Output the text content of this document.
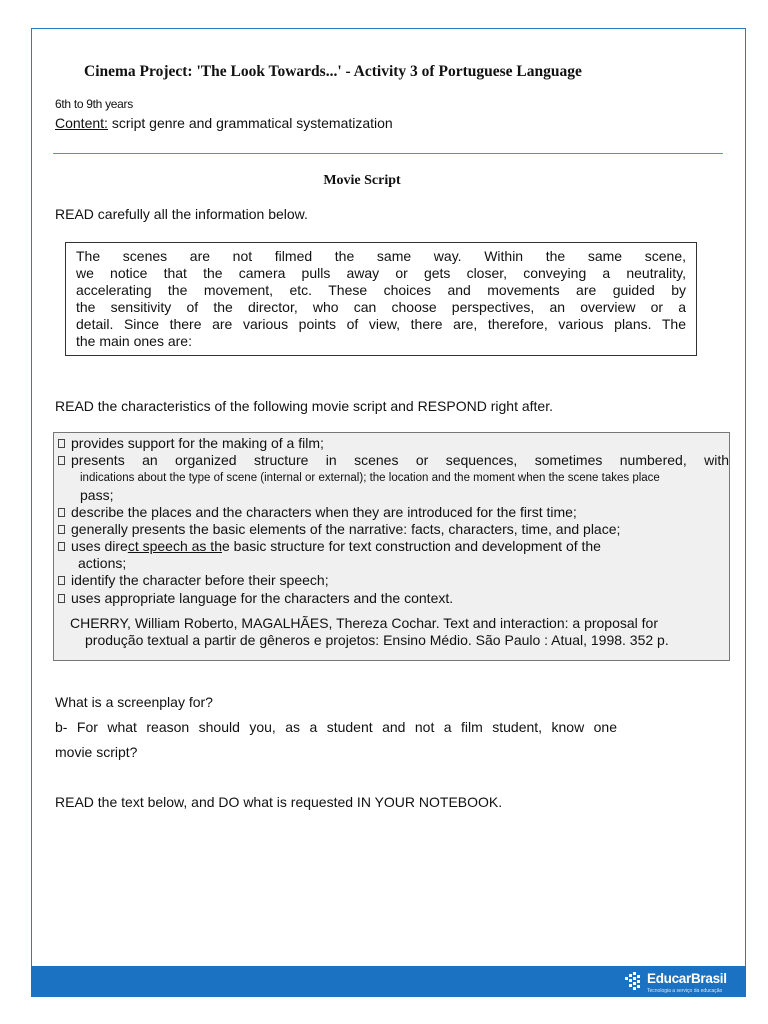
Cinema Project: 'The Look Towards...' - Activity 3 of Portuguese Language
6th to 9th years
Content: script genre and grammatical systematization
Movie Script
READ carefully all the information below.

The scenes are not filmed the same way. Within the same scene,

we notice that the camera pulls away or gets closer, conveying a neutrality,

accelerating the movement, etc. These choices and movements are guided by

the sensitivity of the director, who can choose perspectives, an overview or a

detail. Since there are various points of view, there are, therefore, various plans. The

the main ones are:

READ the characteristics of the following movie script and RESPOND right after.
provides support for the making of a film;
presents an organized structure in scenes or sequences, sometimes numbered, with
indications about the type of scene (internal or external); the location and the moment when the scene takes place
pass;
describe the places and the characters when they are introduced for the first time;
generally presents the basic elements of the narrative: facts, characters, time, and place;
uses direct speech as the basic structure for text construction and development of the
actions;
identify the character before their speech;
uses appropriate language for the characters and the context.
CHERRY, William Roberto, MAGALHÃES, Thereza Cochar. Text and interaction: a proposal for
produção textual a partir de gêneros e projetos: Ensino Médio. São Paulo : Atual, 1998. 352 p.
What is a screenplay for?
b- For what reason should you, as a student and not a film student, know one
movie script?
READ the text below, and DO what is requested IN YOUR NOTEBOOK.
EducarBrasil
Tecnologia a serviço da educação
